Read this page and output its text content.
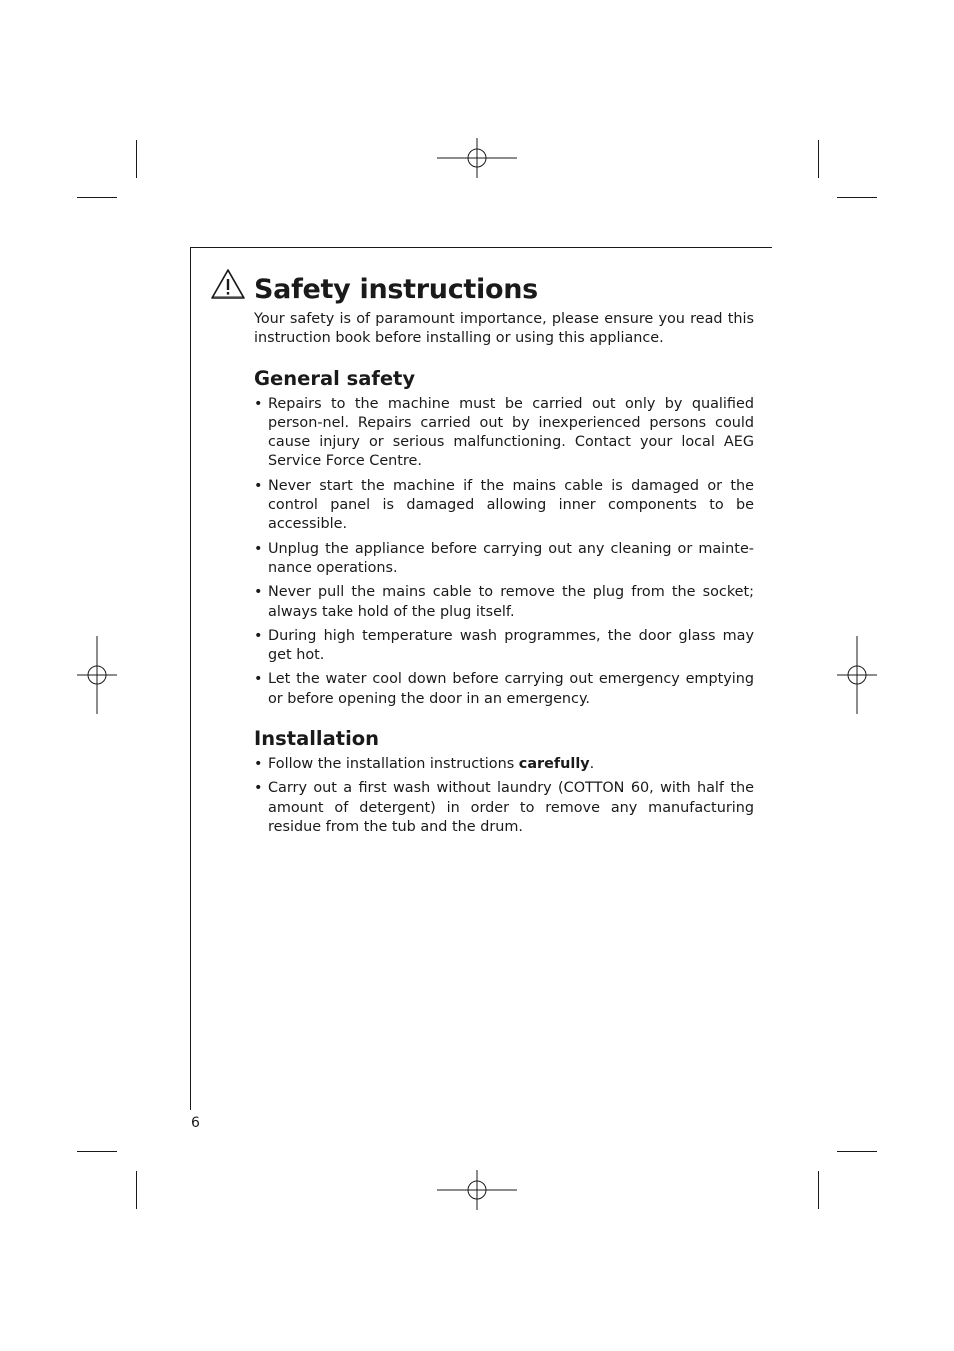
Safety instructions

Your safety is of paramount importance, please ensure you read this instruction book before installing or using this appliance.

General safety
• Repairs to the machine must be carried out only by qualified person-nel. Repairs carried out by inexperienced persons could cause injury or serious malfunctioning. Contact your local AEG Service Force Centre.
• Never start the machine if the mains cable is damaged or the control panel is damaged allowing inner components to be accessible.
• Unplug the appliance before carrying out any cleaning or mainte-nance operations.
• Never pull the mains cable to remove the plug from the socket; always take hold of the plug itself.
• During high temperature wash programmes, the door glass may get hot.
• Let the water cool down before carrying out emergency emptying or before opening the door in an emergency.
Installation
• Follow the installation instructions carefully.
• Carry out a first wash without laundry (COTTON 60, with half the amount of detergent) in order to remove any manufacturing residue from the tub and the drum.
6
